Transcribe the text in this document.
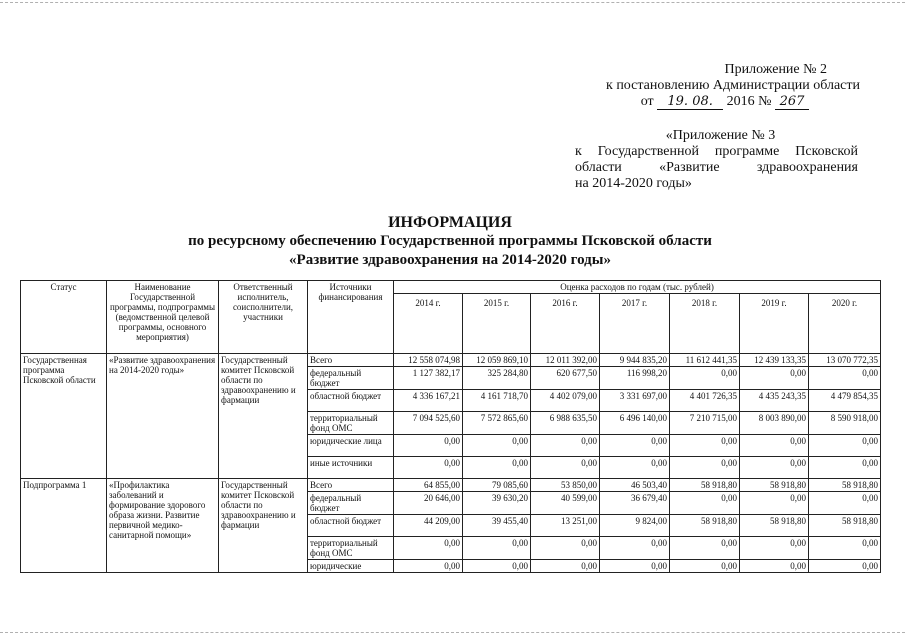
Приложение № 2
к постановлению Администрации области
от 19. 08. 2016 № 267
«Приложение № 3
к Государственной программе Псковской
области «Развитие здравоохранения
на 2014-2020 годы»
ИНФОРМАЦИЯ
по ресурсному обеспечению Государственной программы Псковской области
«Развитие здравоохранения на 2014-2020 годы»
Статус	Наименование Государственной программы, подпрограммы (ведомственной целевой программы, основного мероприятия)	Ответственный исполнитель, соисполнители, участники	Источники финансирования	Оценка расходов по годам (тыс. рублей)						
				2014 г.	2015 г.	2016 г.	2017 г.	2018 г.	2019 г.	2020 г.
Государственная программа Псковской области	«Развитие здравоохранения на 2014-2020 годы»	Государственный комитет Псковской области по здравоохранению и фармации	Всего	12 558 074,98	12 059 869,10	12 011 392,00	9 944 835,20	11 612 441,35	12 439 133,35	13 070 772,35
			федеральный бюджет	1 127 382,17	325 284,80	620 677,50	116 998,20	0,00	0,00	0,00
			областной бюджет	4 336 167,21	4 161 718,70	4 402 079,00	3 331 697,00	4 401 726,35	4 435 243,35	4 479 854,35
			территориальный фонд ОМС	7 094 525,60	7 572 865,60	6 988 635,50	6 496 140,00	7 210 715,00	8 003 890,00	8 590 918,00
			юридические лица	0,00	0,00	0,00	0,00	0,00	0,00	0,00
			иные источники	0,00	0,00	0,00	0,00	0,00	0,00	0,00
Подпрограмма 1	«Профилактика заболеваний и формирование здорового образа жизни. Развитие первичной медико-санитарной помощи»	Государственный комитет Псковской области по здравоохранению и фармации	Всего	64 855,00	79 085,60	53 850,00	46 503,40	58 918,80	58 918,80	58 918,80
			федеральный бюджет	20 646,00	39 630,20	40 599,00	36 679,40	0,00	0,00	0,00
			областной бюджет	44 209,00	39 455,40	13 251,00	9 824,00	58 918,80	58 918,80	58 918,80
			территориальный фонд ОМС	0,00	0,00	0,00	0,00	0,00	0,00	0,00
			юридические	0,00	0,00	0,00	0,00	0,00	0,00	0,00
